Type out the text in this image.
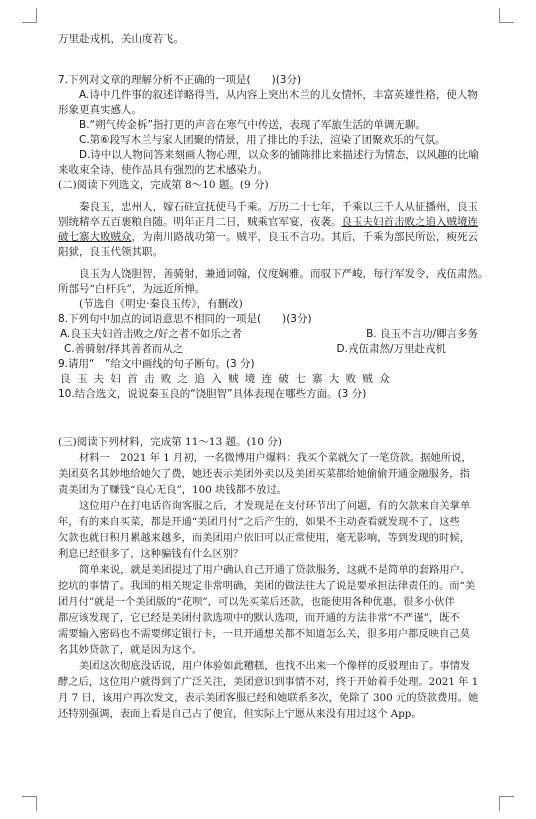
万里赴戎机，关山度若飞。
7.下列对文章的理解分析不正确的一项是(　　)(3分)
A.诗中几件事的叙述详略得当，从内容上突出木兰的儿女情怀，丰富英雄性格，使人物
形象更真实感人。
B.“朔气传金柝”指打更的声音在寒气中传送，表现了军旅生活的单调无聊。
C.第⑥段写木兰与家人团聚的情景，用了排比的手法，渲染了团聚欢乐的气氛。
D.诗中以人物问答来刻画人物心理，以众多的铺陈排比来描述行为情态，以风趣的比喻
来收束全诗，使作品具有强烈的艺术感染力。
(二)阅读下列选文，完成第 8～10 题。(9 分)
秦良玉，忠州人，嫁石砫宣抚使马千乘。万历二十七年，千乘以三千人从征播州，良玉
别统精卒五百裹粮自随。明年正月二日，贼乘官军宴，夜袭。良玉夫妇首击败之追入贼境连
破七寨大败贼众，为南川路战功第一。贼平，良玉不言功。其后，千乘为部民所讼，瘐死云
阳狱，良玉代领其职。
良玉为人饶胆智，善骑射，兼通词翰，仪度娴雅。而驭下严峻，每行军发令，戎伍肃然。
所部号“白杆兵”，为远近所惮。
(节选自《明史·秦良玉传》，有删改)
8.下列句中加点的词语意思不相同的一项是(　　)(3分)
A.良玉夫妇首击败之/好之者不如乐之者	B. 良玉不言功/卿言多务
C.善骑射/择其善者而从之	D.戎伍肃然/万里赴戎机
9.请用“　”给文中画线的句子断句。(3 分)
良玉夫妇首击败之追入贼境连破七寨大败贼众
10.结合选文，说说秦玉良的“饶胆智”具体表现在哪些方面。(3 分)
(三)阅读下列材料，完成第 11～13 题。(10 分)
材料一　2021 年 1 月初，一名微博用户爆料：我买个菜就欠了一笔贷款。据她所说，
美团莫名其妙地给她欠了费，她还表示美团外卖以及美团买菜都给她偷偷开通金融服务，指
责美团为了赚钱“良心无良”，100 块钱都不放过。
这位用户在打电话咨询客服之后，才发现是在支付环节出了问题，有的欠款来自关掌单
年，有的来自买菜，都是开通“美团月付”之后产生的，如果不主动查看就发现不了，这些
欠款也就日积月累越来越多，而美团用户依旧可以正常使用，毫无影响，等到发现的时候，
利息已经很多了，这种骗钱有什么区别？
简单来说，就是美团提过了用户确认自己开通了贷款服务，这就不是简单的套路用户、
挖坑的事情了。我国的相关规定非常明确，美团的做法往大了说是要承担法律责任的。而“美
团月付”就是一个美团版的“花呗”，可以先买菜后还款，也能使用各种优惠，很多小伙伴
都应该发现了，它已经是美团付款选项中的默认选项，而开通的方法非常“不严谨”，既不
需要输入密码也不需要绑定银行卡，一旦开通想关都不知道怎么关，很多用户都反映自己莫
名其妙贷款了，就是因为这个。
美团这次彻底没话说，用户体验如此糟糕，也找不出来一个像样的反驳理由了。事情发
酵之后，这位用户就得到了广泛关注，美团意识到事情不对，终于开始着手处理。2021 年 1
月 7 日，该用户再次发文，表示美团客服已经和她联系多次，免除了 300 元的贷款费用。她
还特别强调，表面上看是自己占了便宜，但实际上宁愿从来没有用过这个 App。
